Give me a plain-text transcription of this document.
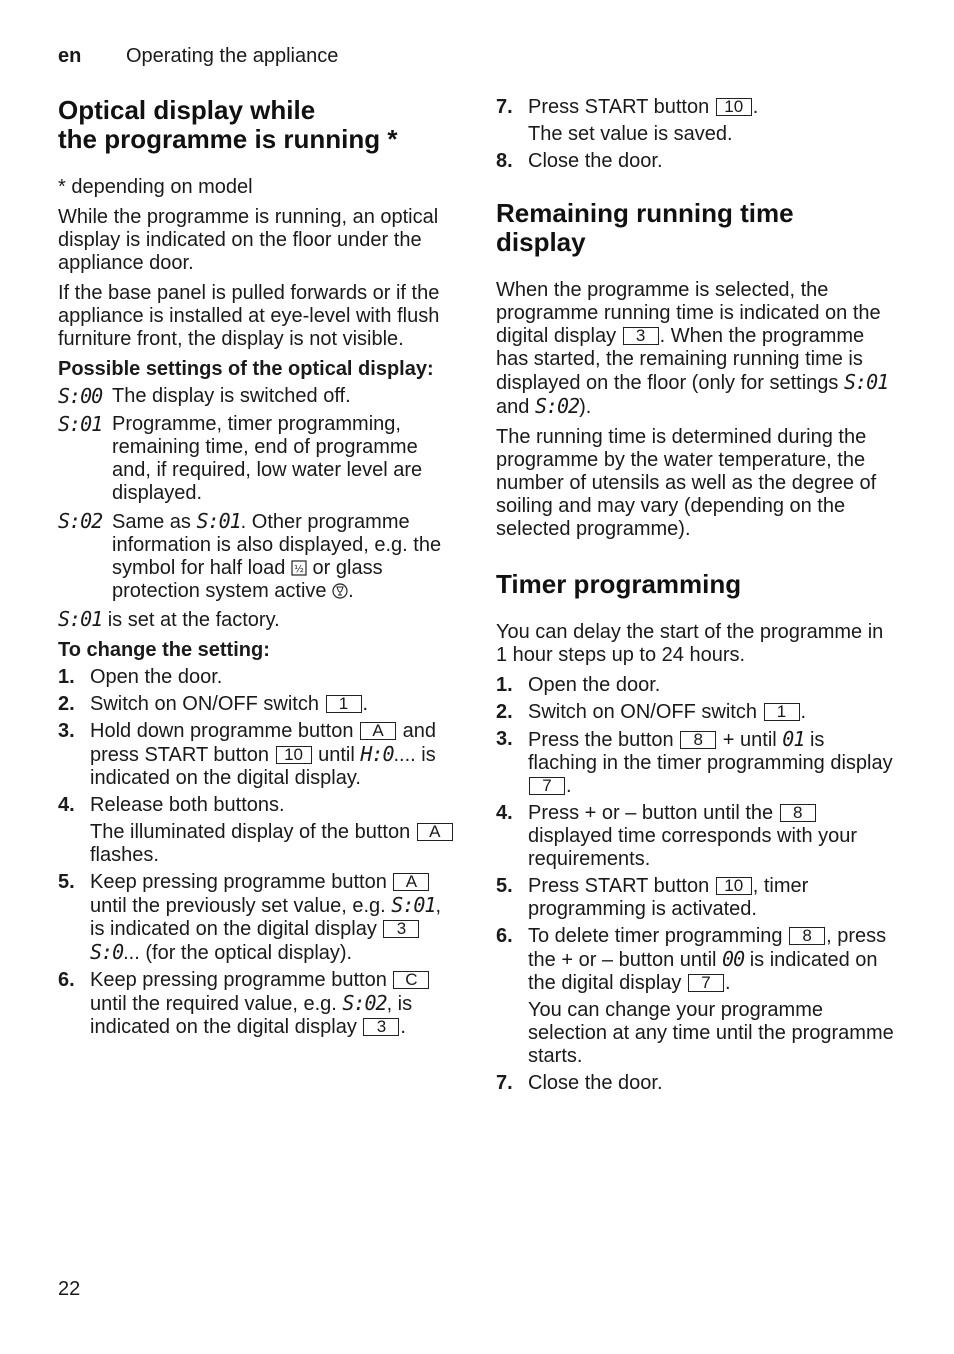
en Operating the appliance
Optical display while
the programme is running *

* depending on model

While the programme is running, an optical display is indicated on the floor under the appliance door.

If the base panel is pulled forwards or if the appliance is installed at eye-level with flush furniture front, the display is not visible.

Possible settings of the optical display:

S:00 The display is switched off.
S:01 Programme, timer programming, remaining time, end of programme and, if required, low water level are displayed.
S:02 Same as S:01. Other programme information is also displayed, e.g. the symbol for half load ½ or glass protection system active .

S:01 is set at the factory.

To change the setting:

1. Open the door.
2. Switch on ON/OFF switch 1 .
3. Hold down programme button A and press START button 10 until H:0.... is indicated on the digital display.
4. Release both buttons.
The illuminated display of the button A flashes.
5. Keep pressing programme button A until the previously set value, e.g. S:01, is indicated on the digital display 3 S:0... (for the optical display).
6. Keep pressing programme button C until the required value, e.g. S:02, is indicated on the digital display 3 .
7. Press START button 10 .
The set value is saved.
8. Close the door.
Remaining running time
display

When the programme is selected, the programme running time is indicated on the digital display 3 . When the programme has started, the remaining running time is displayed on the floor (only for settings S:01 and S:02).

The running time is determined during the programme by the water temperature, the number of utensils as well as the degree of soiling and may vary (depending on the selected programme).

Timer programming

You can delay the start of the programme in 1 hour steps up to 24 hours.

1. Open the door.
2. Switch on ON/OFF switch 1 .
3. Press the button 8 + until 01 is flaching in the timer programming display 7 .
4. Press + or – button until the 8 displayed time corresponds with your requirements.
5. Press START button 10 , timer programming is activated.
6. To delete timer programming 8 , press the + or – button until 00 is indicated on the digital display 7 .
You can change your programme selection at any time until the programme starts.
7. Close the door.
22
